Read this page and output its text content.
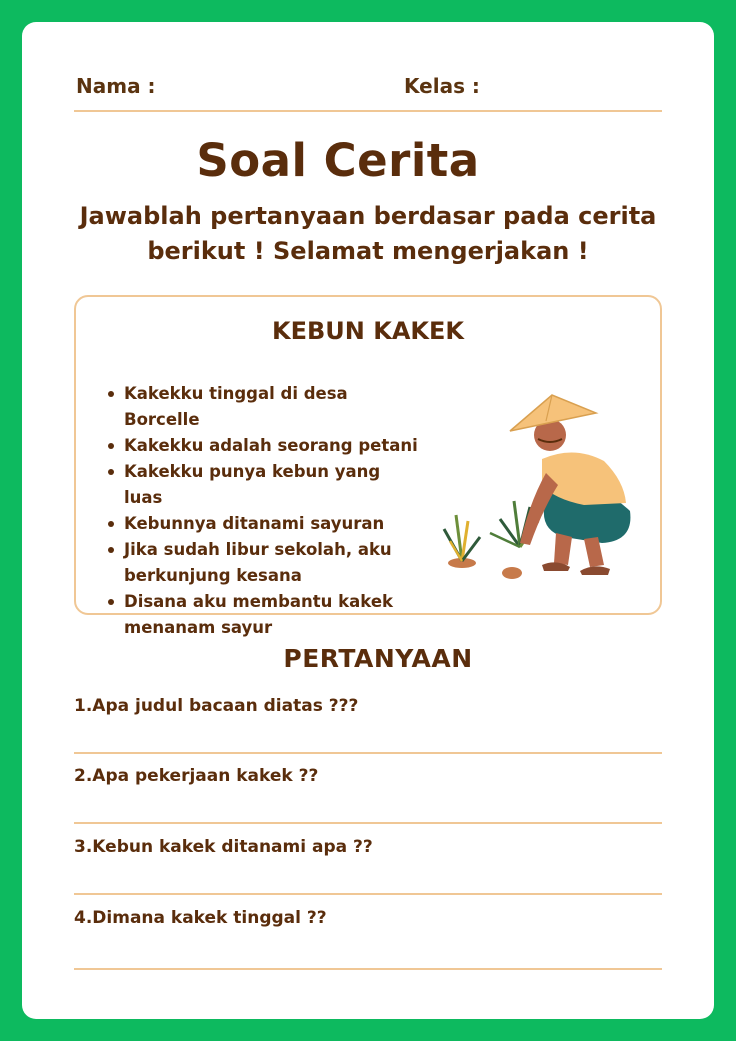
Nama :	Kelas :
Soal Cerita
Jawablah pertanyaan berdasar pada cerita berikut ! Selamat mengerjakan !
KEBUN KAKEK
Kakekku tinggal di desa Borcelle
Kakekku adalah seorang petani
Kakekku punya kebun yang luas
Kebunnya ditanami sayuran
Jika sudah libur sekolah, aku berkunjung kesana
Disana aku membantu kakek menanam sayur
PERTANYAAN
1.Apa judul bacaan diatas ???
2.Apa pekerjaan kakek ??
3.Kebun kakek ditanami apa ??
4.Dimana kakek tinggal ??
